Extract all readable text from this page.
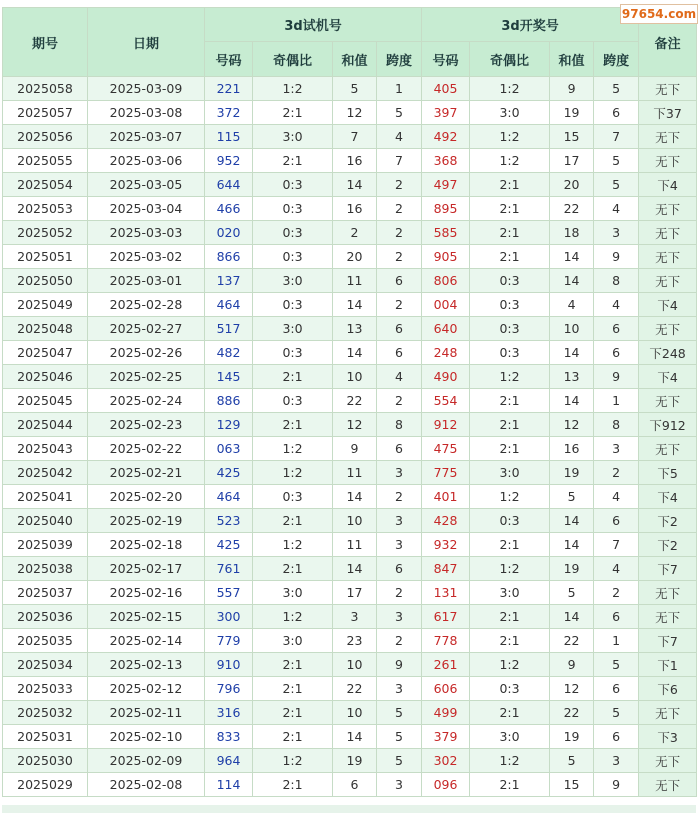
期号	日期	3d试机号				3d开奖号				备注
		号码	奇偶比	和值	跨度	号码	奇偶比	和值	跨度	
2025058	2025-03-09	221	1:2	5	1	405	1:2	9	5	无下
2025057	2025-03-08	372	2:1	12	5	397	3:0	19	6	下37
2025056	2025-03-07	115	3:0	7	4	492	1:2	15	7	无下
2025055	2025-03-06	952	2:1	16	7	368	1:2	17	5	无下
2025054	2025-03-05	644	0:3	14	2	497	2:1	20	5	下4
2025053	2025-03-04	466	0:3	16	2	895	2:1	22	4	无下
2025052	2025-03-03	020	0:3	2	2	585	2:1	18	3	无下
2025051	2025-03-02	866	0:3	20	2	905	2:1	14	9	无下
2025050	2025-03-01	137	3:0	11	6	806	0:3	14	8	无下
2025049	2025-02-28	464	0:3	14	2	004	0:3	4	4	下4
2025048	2025-02-27	517	3:0	13	6	640	0:3	10	6	无下
2025047	2025-02-26	482	0:3	14	6	248	0:3	14	6	下248
2025046	2025-02-25	145	2:1	10	4	490	1:2	13	9	下4
2025045	2025-02-24	886	0:3	22	2	554	2:1	14	1	无下
2025044	2025-02-23	129	2:1	12	8	912	2:1	12	8	下912
2025043	2025-02-22	063	1:2	9	6	475	2:1	16	3	无下
2025042	2025-02-21	425	1:2	11	3	775	3:0	19	2	下5
2025041	2025-02-20	464	0:3	14	2	401	1:2	5	4	下4
2025040	2025-02-19	523	2:1	10	3	428	0:3	14	6	下2
2025039	2025-02-18	425	1:2	11	3	932	2:1	14	7	下2
2025038	2025-02-17	761	2:1	14	6	847	1:2	19	4	下7
2025037	2025-02-16	557	3:0	17	2	131	3:0	5	2	无下
2025036	2025-02-15	300	1:2	3	3	617	2:1	14	6	无下
2025035	2025-02-14	779	3:0	23	2	778	2:1	22	1	下7
2025034	2025-02-13	910	2:1	10	9	261	1:2	9	5	下1
2025033	2025-02-12	796	2:1	22	3	606	0:3	12	6	下6
2025032	2025-02-11	316	2:1	10	5	499	2:1	22	5	无下
2025031	2025-02-10	833	2:1	14	5	379	3:0	19	6	下3
2025030	2025-02-09	964	1:2	19	5	302	1:2	5	3	无下
2025029	2025-02-08	114	2:1	6	3	096	2:1	15	9	无下
97654.com
